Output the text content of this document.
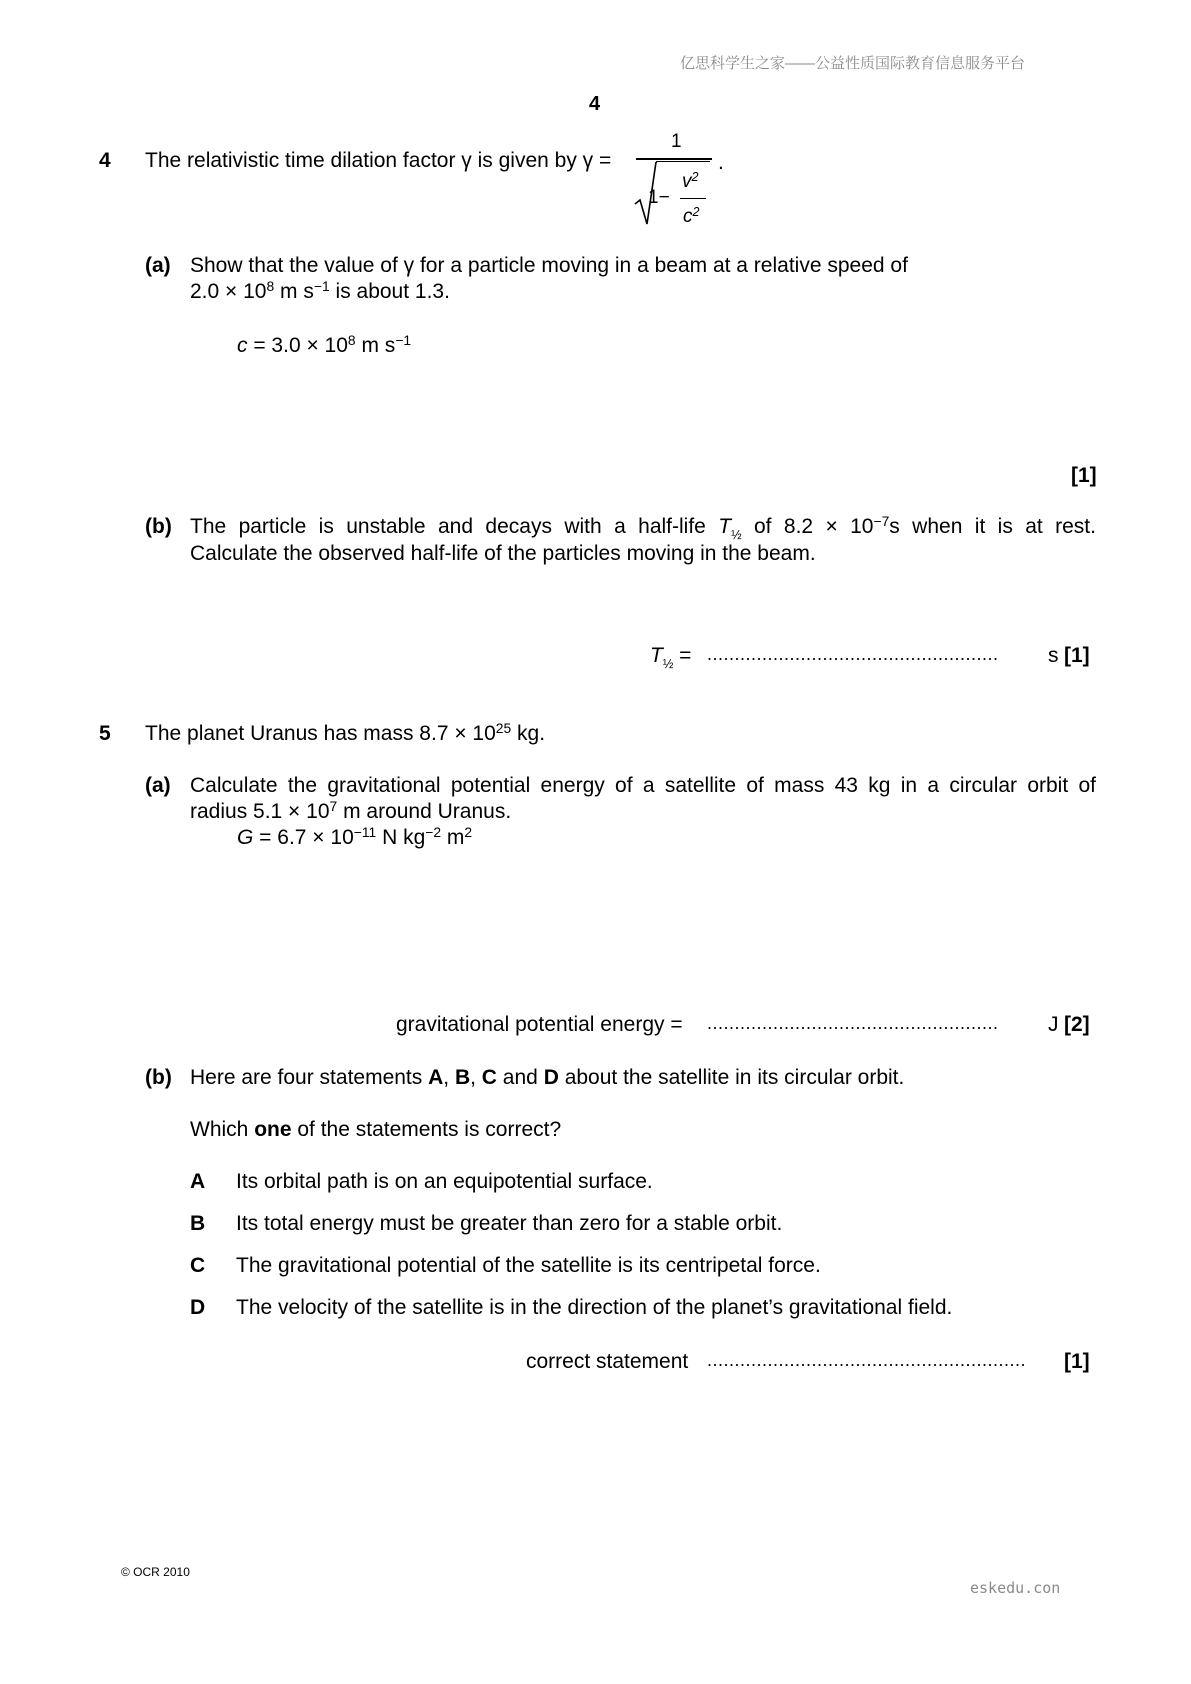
亿思科学生之家——公益性质国际教育信息服务平台
4
4 The relativistic time dilation factor γ is given by γ =
1
1−
$v^2$
$c^2$
.
(a) Show that the value of γ for a particle moving in a beam at a relative speed of
$2.0 \times 10^8$ m $s^{-1}$ is about 1.3.
$c = 3.0 \times 10^8$ m $s^{-1}$
[1]
(b) The particle is unstable and decays with a half-life $T_{\frac{1}{2}}$ of $8.2 \times 10^{-7}s$ when it is at rest.
Calculate the observed half-life of the particles moving in the beam.
$T_{\frac{1}{2}}$ = ..................................................... s [1]
5 The planet Uranus has mass $8.7 \times 10^{25}$ kg.
(a) Calculate the gravitational potential energy of a satellite of mass 43 kg in a circular orbit of
radius $5.1 \times 10^7$ m around Uranus.
$G = 6.7 \times 10^{-11}$ N $kg^{-2}$ $m^2$
gravitational potential energy = ..................................................... J [2]
(b) Here are four statements A, B, C and D about the satellite in its circular orbit.
Which one of the statements is correct?
A Its orbital path is on an equipotential surface.
B Its total energy must be greater than zero for a stable orbit.
C The gravitational potential of the satellite is its centripetal force.
D The velocity of the satellite is in the direction of the planet’s gravitational field.
correct statement .......................................................... [1]
© OCR 2010
eskedu.con
